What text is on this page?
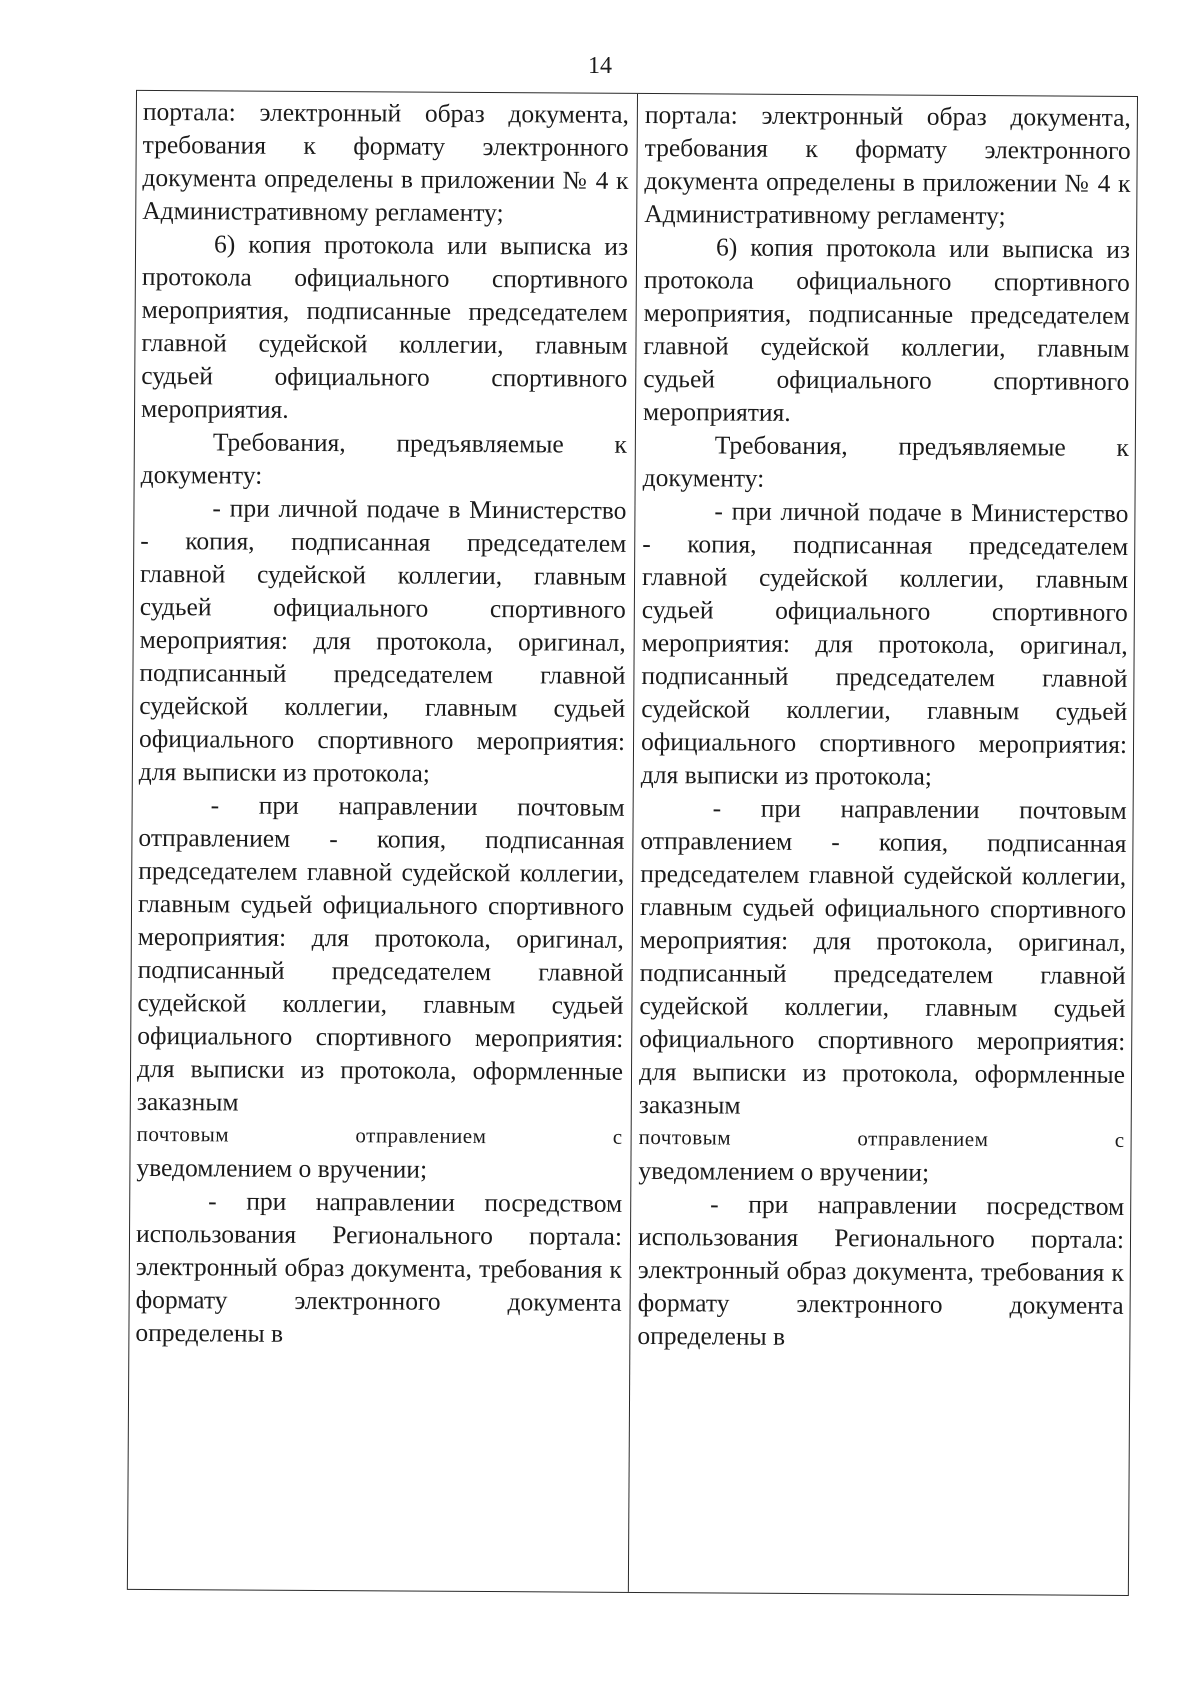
14

портала: электронный образ документа, требования к формату электронного документа определены в приложении № 4 к Административному регламенту;

6) копия протокола или выписка из протокола официального спортивного мероприятия, подписанные председателем главной судейской коллегии, главным судьей официального спортивного мероприятия.

Требования, предъявляемые к документу:

- при личной подаче в Министерство - копия, подписанная председателем главной судейской коллегии, главным судьей официального спортивного мероприятия: для протокола, оригинал, подписанный председателем главной судейской коллегии, главным судьей официального спортивного мероприятия: для выписки из протокола;

- при направлении почтовым отправлением - копия, подписанная председателем главной судейской коллегии, главным судьей официального спортивного мероприятия: для протокола, оригинал, подписанный председателем главной судейской коллегии, главным судьей официального спортивного мероприятия: для выписки из протокола, оформленные заказным

почтовым отправлением с

уведомлением о вручении;

- при направлении посредством использования Регионального портала: электронный образ документа, требования к формату электронного документа определены в

портала: электронный образ документа, требования к формату электронного документа определены в приложении № 4 к Административному регламенту;

6) копия протокола или выписка из протокола официального спортивного мероприятия, подписанные председателем главной судейской коллегии, главным судьей официального спортивного мероприятия.

Требования, предъявляемые к документу:

- при личной подаче в Министерство - копия, подписанная председателем главной судейской коллегии, главным судьей официального спортивного мероприятия: для протокола, оригинал, подписанный председателем главной судейской коллегии, главным судьей официального спортивного мероприятия: для выписки из протокола;

- при направлении почтовым отправлением - копия, подписанная председателем главной судейской коллегии, главным судьей официального спортивного мероприятия: для протокола, оригинал, подписанный председателем главной судейской коллегии, главным судьей официального спортивного мероприятия: для выписки из протокола, оформленные заказным

почтовым отправлением с

уведомлением о вручении;

- при направлении посредством использования Регионального портала: электронный образ документа, требования к формату электронного документа определены в
